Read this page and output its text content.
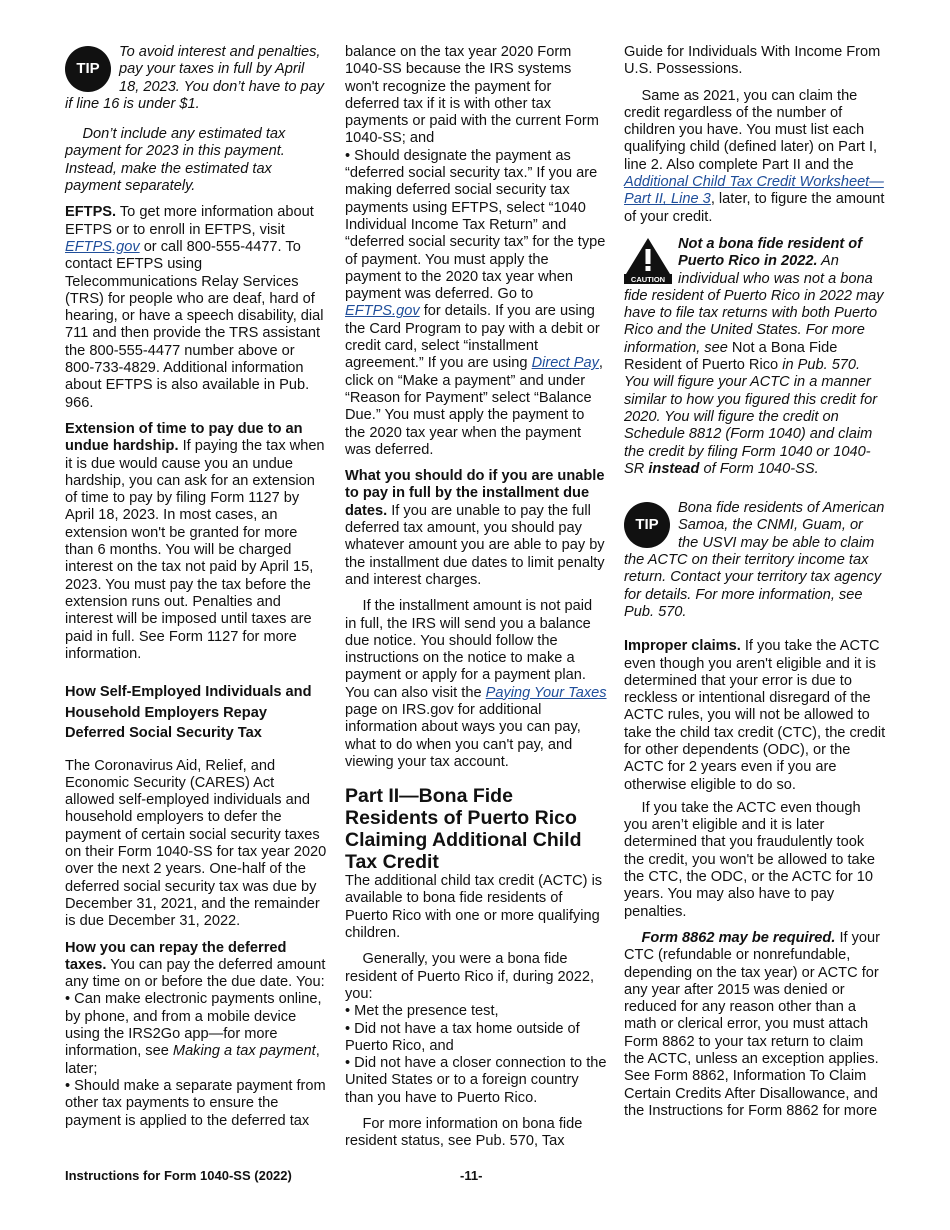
TIP

To avoid interest and penalties, pay your taxes in full by April 18, 2023. You don’t have to pay if line 16 is under $1.

Don’t include any estimated tax payment for 2023 in this payment. Instead, make the estimated tax payment separately.

EFTPS. To get more information about EFTPS or to enroll in EFTPS, visit EFTPS.gov or call 800-555-4477. To contact EFTPS using Telecommunications Relay Services (TRS) for people who are deaf, hard of hearing, or have a speech disability, dial 711 and then provide the TRS assistant the 800-555-4477 number above or 800-733-4829. Additional information about EFTPS is also available in Pub. 966.

Extension of time to pay due to an undue hardship. If paying the tax when it is due would cause you an undue hardship, you can ask for an extension of time to pay by filing Form 1127 by April 18, 2023. In most cases, an extension won't be granted for more than 6 months. You will be charged interest on the tax not paid by April 15, 2023. You must pay the tax before the extension runs out. Penalties and interest will be imposed until taxes are paid in full. See Form 1127 for more information.

How Self-Employed Individuals and Household Employers Repay Deferred Social Security Tax

The Coronavirus Aid, Relief, and Economic Security (CARES) Act allowed self-employed individuals and household employers to defer the payment of certain social security taxes on their Form 1040-SS for tax year 2020 over the next 2 years. One-half of the deferred social security tax was due by December 31, 2021, and the remainder is due December 31, 2022.

How you can repay the deferred taxes. You can pay the deferred amount any time on or before the due date. You:

• Can make electronic payments online, by phone, and from a mobile device using the IRS2Go app—for more information, see Making a tax payment, later;

• Should make a separate payment from other tax payments to ensure the payment is applied to the deferred tax

balance on the tax year 2020 Form 1040-SS because the IRS systems won't recognize the payment for deferred tax if it is with other tax payments or paid with the current Form 1040-SS; and

• Should designate the payment as “deferred social security tax.” If you are making deferred social security tax payments using EFTPS, select “1040 Individual Income Tax Return” and “deferred social security tax” for the type of payment. You must apply the payment to the 2020 tax year when payment was deferred. Go to EFTPS.gov for details. If you are using the Card Program to pay with a debit or credit card, select “installment agreement.” If you are using Direct Pay, click on “Make a payment” and under “Reason for Payment” select “Balance Due.” You must apply the payment to the 2020 tax year when the payment was deferred.

What you should do if you are unable to pay in full by the installment due dates. If you are unable to pay the full deferred tax amount, you should pay whatever amount you are able to pay by the installment due dates to limit penalty and interest charges.

If the installment amount is not paid in full, the IRS will send you a balance due notice. You should follow the instructions on the notice to make a payment or apply for a payment plan. You can also visit the Paying Your Taxes page on IRS.gov for additional information about ways you can pay, what to do when you can't pay, and viewing your tax account.

Part II—Bona Fide Residents of Puerto Rico Claiming Additional Child Tax Credit

The additional child tax credit (ACTC) is available to bona fide residents of Puerto Rico with one or more qualifying children.

Generally, you were a bona fide resident of Puerto Rico if, during 2022, you:

• Met the presence test,

• Did not have a tax home outside of Puerto Rico, and

• Did not have a closer connection to the United States or to a foreign country than you have to Puerto Rico.

For more information on bona fide resident status, see Pub. 570, Tax

Guide for Individuals With Income From U.S. Possessions.

Same as 2021, you can claim the credit regardless of the number of children you have. You must list each qualifying child (defined later) on Part I, line 2. Also complete Part II and the Additional Child Tax Credit Worksheet—Part II, Line 3, later, to figure the amount of your credit.

CAUTION

Not a bona fide resident of Puerto Rico in 2022. An individual who was not a bona fide resident of Puerto Rico in 2022 may have to file tax returns with both Puerto Rico and the United States. For more information, see Not a Bona Fide Resident of Puerto Rico in Pub. 570. You will figure your ACTC in a manner similar to how you figured this credit for 2020. You will figure the credit on Schedule 8812 (Form 1040) and claim the credit by filing Form 1040 or 1040-SR instead of Form 1040-SS.

TIP

Bona fide residents of American Samoa, the CNMI, Guam, or the USVI may be able to claim the ACTC on their territory income tax return. Contact your territory tax agency for details. For more information, see Pub. 570.

Improper claims. If you take the ACTC even though you aren't eligible and it is determined that your error is due to reckless or intentional disregard of the ACTC rules, you will not be allowed to take the child tax credit (CTC), the credit for other dependents (ODC), or the ACTC for 2 years even if you are otherwise eligible to do so.

If you take the ACTC even though you aren’t eligible and it is later determined that you fraudulently took the credit, you won't be allowed to take the CTC, the ODC, or the ACTC for 10 years. You may also have to pay penalties.

Form 8862 may be required. If your CTC (refundable or nonrefundable, depending on the tax year) or ACTC for any year after 2015 was denied or reduced for any reason other than a math or clerical error, you must attach Form 8862 to your tax return to claim the ACTC, unless an exception applies. See Form 8862, Information To Claim Certain Credits After Disallowance, and the Instructions for Form 8862 for more

Instructions for Form 1040-SS (2022)	-11-
